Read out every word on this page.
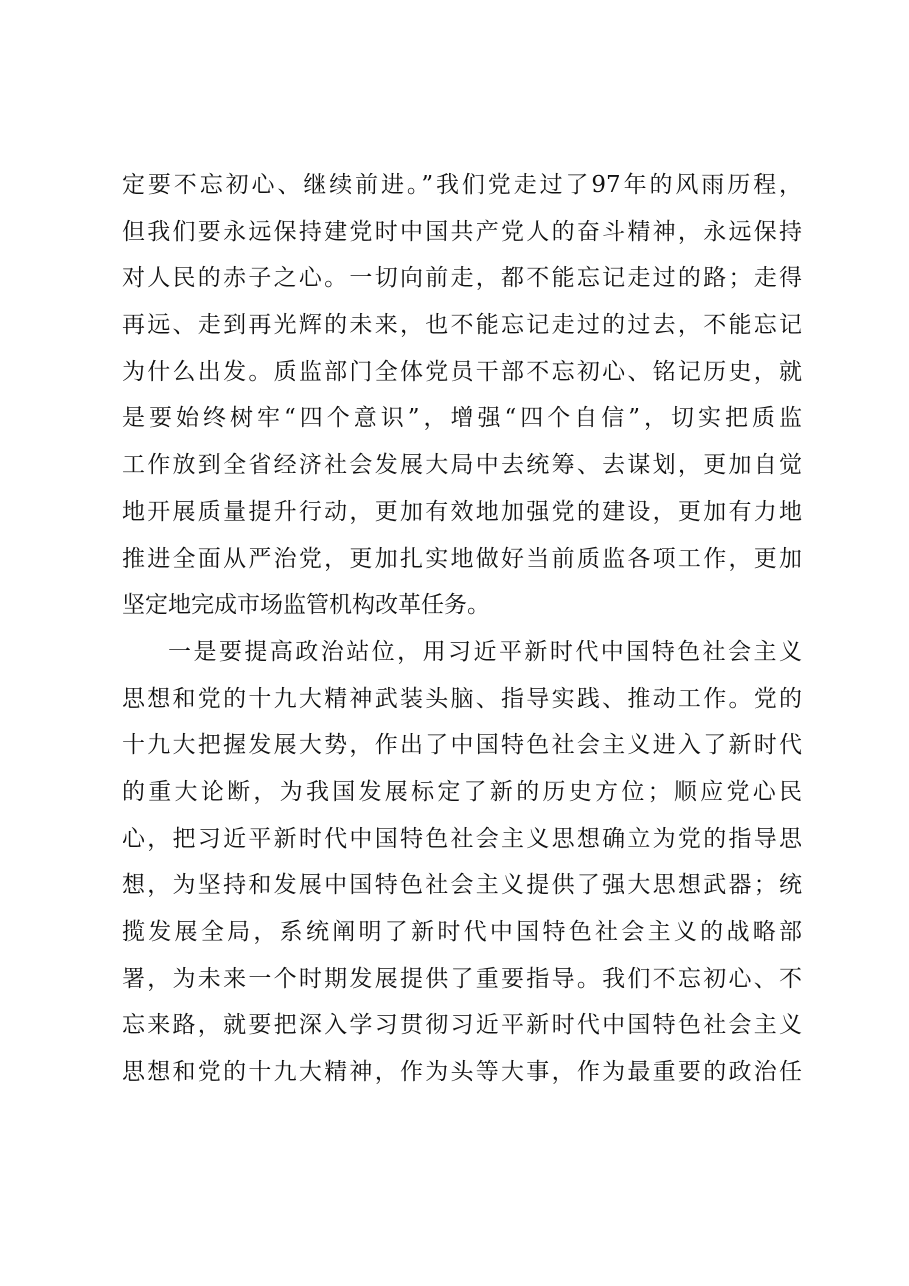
定要不忘初心、继续前进。”我们党走过了97年的风雨历程，
但我们要永远保持建党时中国共产党人的奋斗精神，永远保持
对人民的赤子之心。一切向前走，都不能忘记走过的路；走得
再远、走到再光辉的未来，也不能忘记走过的过去，不能忘记
为什么出发。质监部门全体党员干部不忘初心、铭记历史，就
是要始终树牢“四个意识”，增强“四个自信”，切实把质监
工作放到全省经济社会发展大局中去统筹、去谋划，更加自觉
地开展质量提升行动，更加有效地加强党的建设，更加有力地
推进全面从严治党，更加扎实地做好当前质监各项工作，更加
坚定地完成市场监管机构改革任务。
一是要提高政治站位，用习近平新时代中国特色社会主义
思想和党的十九大精神武装头脑、指导实践、推动工作。党的
十九大把握发展大势，作出了中国特色社会主义进入了新时代
的重大论断，为我国发展标定了新的历史方位；顺应党心民
心，把习近平新时代中国特色社会主义思想确立为党的指导思
想，为坚持和发展中国特色社会主义提供了强大思想武器；统
揽发展全局，系统阐明了新时代中国特色社会主义的战略部
署，为未来一个时期发展提供了重要指导。我们不忘初心、不
忘来路，就要把深入学习贯彻习近平新时代中国特色社会主义
思想和党的十九大精神，作为头等大事，作为最重要的政治任
